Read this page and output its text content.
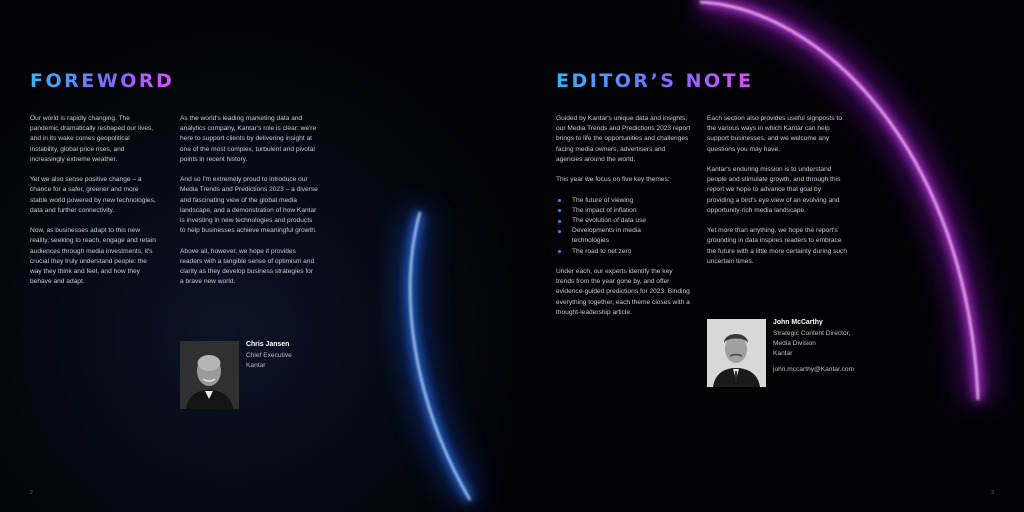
FOREWORD

Our world is rapidly changing. The pandemic dramatically reshaped our lives, and in its wake comes geopolitical instability, global price rises, and increasingly extreme weather.

Yet we also sense positive change – a chance for a safer, greener and more stable world powered by new technologies, data and further connectivity.

Now, as businesses adapt to this new reality, seeking to reach, engage and retain audiences through media investments, it's crucial they truly understand people: the way they think and feel, and how they behave and adapt.

As the world's leading marketing data and analytics company, Kantar's role is clear: we're here to support clients by delivering insight at one of the most complex, turbulent and pivotal points in recent history.

And so I'm extremely proud to introduce our Media Trends and Predictions 2023 – a diverse and fascinating view of the global media landscape, and a demonstration of how Kantar is investing in new technologies and products to help businesses achieve meaningful growth.

Above all, however, we hope it provides readers with a tangible sense of optimism and clarity as they develop business strategies for a brave new world.

Chris Jansen
Chief Executive
Kantar
2
EDITOR’S NOTE

Guided by Kantar's unique data and insights, our Media Trends and Predictions 2023 report brings to life the opportunities and challenges facing media owners, advertisers and agencies around the world.

This year we focus on five key themes:

The future of viewing
The impact of inflation
The evolution of data use
Developments in media technologies
The road to net zero

Under each, our experts identify the key trends from the year gone by, and offer evidence-guided predictions for 2023. Binding everything together, each theme closes with a thought-leadership article.

Each section also provides useful signposts to the various ways in which Kantar can help support businesses, and we welcome any questions you may have.

Kantar's enduring mission is to understand people and stimulate growth, and through this report we hope to advance that goal by providing a bird's eye view of an evolving and opportunity-rich media landscape.

Yet more than anything, we hope the report's grounding in data inspires readers to embrace the future with a little more certainty during such uncertain times.

John McCarthy
Strategic Content Director,
Media Division
Kantar
john.mccarthy@Kantar.com
3
